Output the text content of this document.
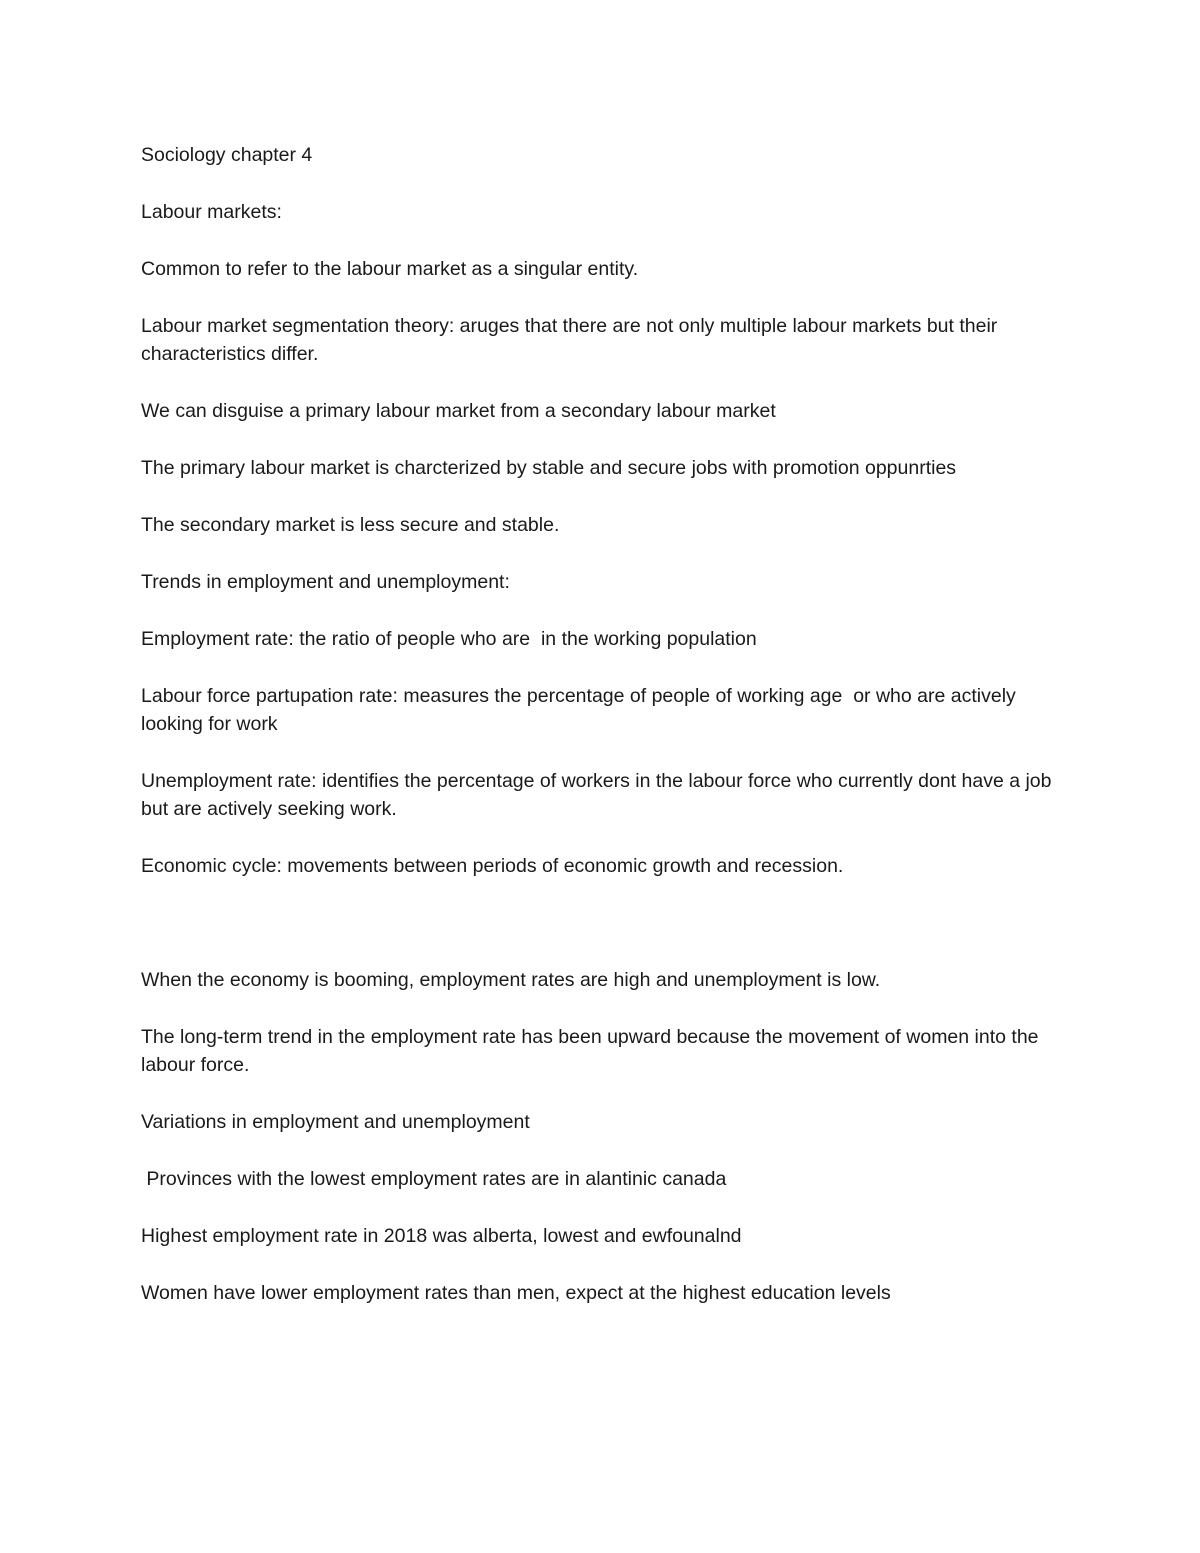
Sociology chapter 4

Labour markets:

Common to refer to the labour market as a singular entity.

Labour market segmentation theory: aruges that there are not only multiple labour markets but their characteristics differ.

We can disguise a primary labour market from a secondary labour market

The primary labour market is charcterized by stable and secure jobs with promotion oppunrties

The secondary market is less secure and stable.

Trends in employment and unemployment:

Employment rate: the ratio of people who are  in the working population

Labour force partupation rate: measures the percentage of people of working age  or who are actively looking for work

Unemployment rate: identifies the percentage of workers in the labour force who currently dont have a job but are actively seeking work.

Economic cycle: movements between periods of economic growth and recession.

When the economy is booming, employment rates are high and unemployment is low.

The long-term trend in the employment rate has been upward because the movement of women into the labour force.

Variations in employment and unemployment

Provinces with the lowest employment rates are in alantinic canada

Highest employment rate in 2018 was alberta, lowest and ewfounalnd

Women have lower employment rates than men, expect at the highest education levels
